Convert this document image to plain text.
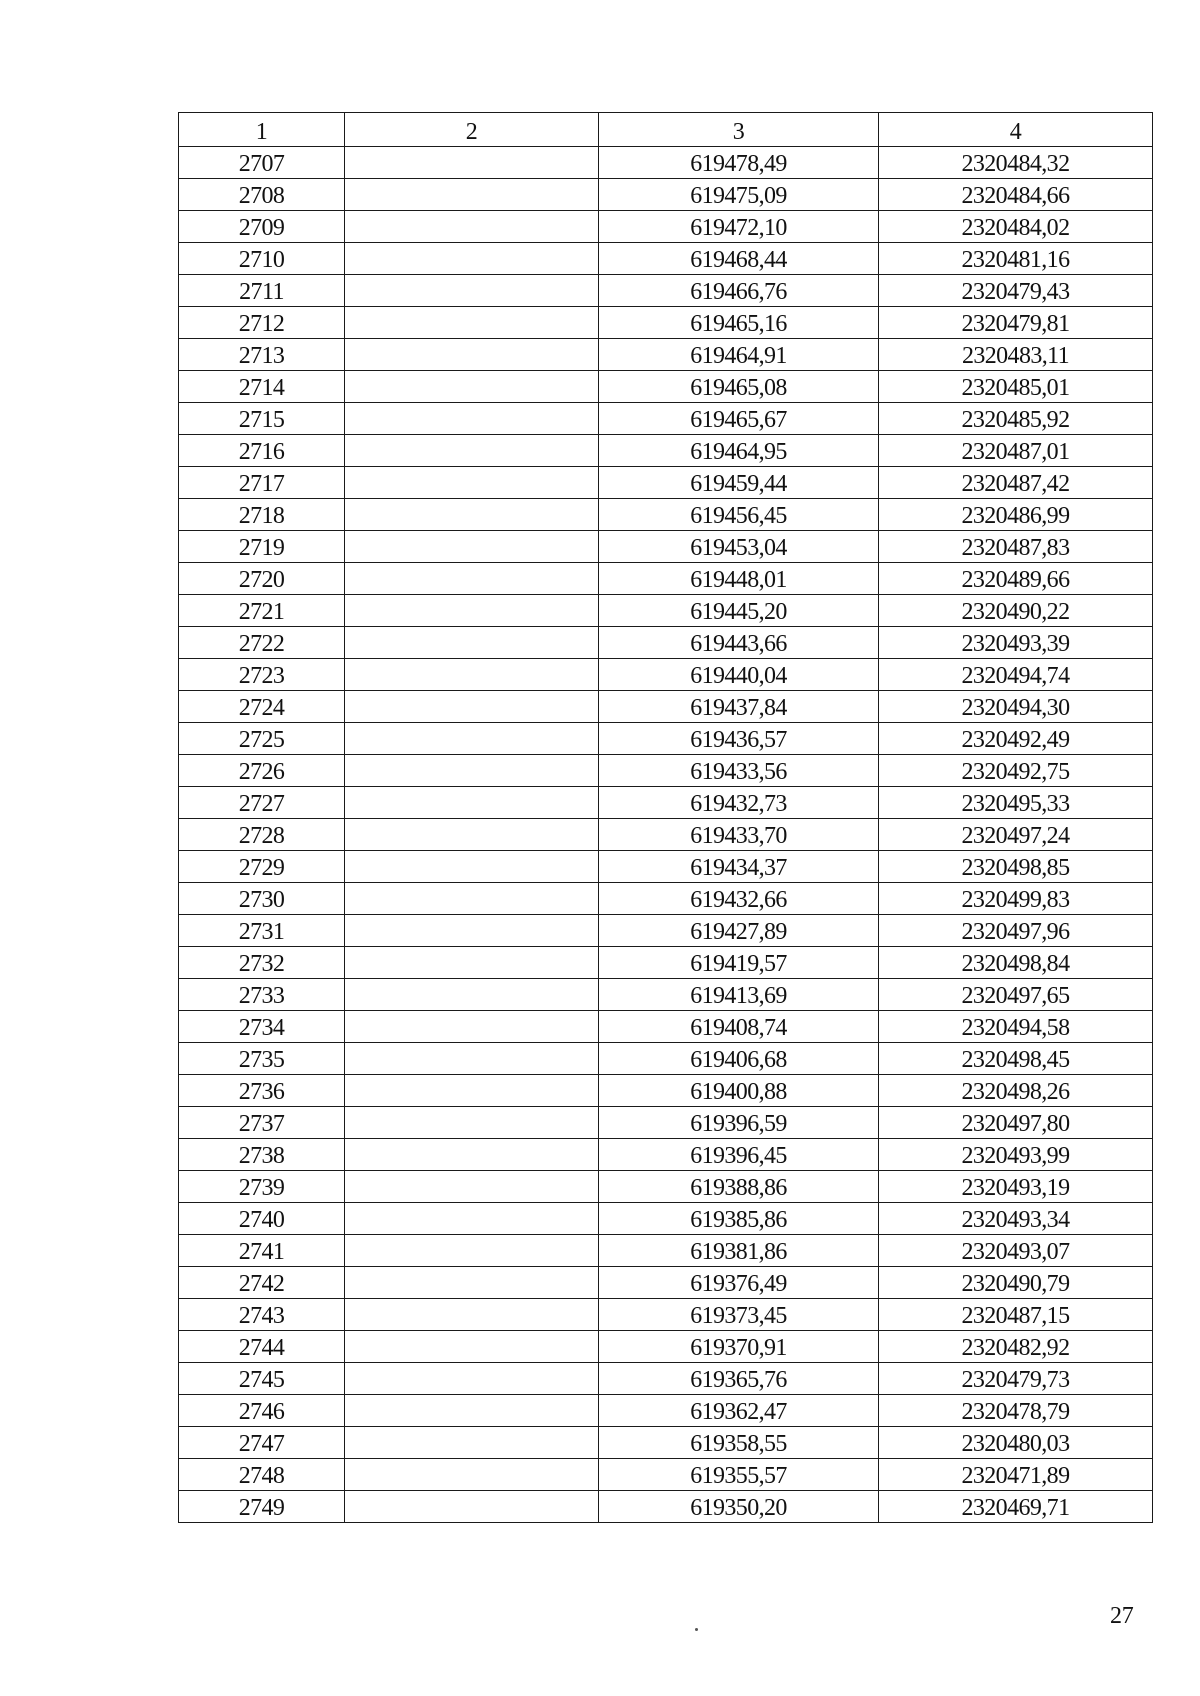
1	2	3	4
2707		619478,49	2320484,32
2708		619475,09	2320484,66
2709		619472,10	2320484,02
2710		619468,44	2320481,16
2711		619466,76	2320479,43
2712		619465,16	2320479,81
2713		619464,91	2320483,11
2714		619465,08	2320485,01
2715		619465,67	2320485,92
2716		619464,95	2320487,01
2717		619459,44	2320487,42
2718		619456,45	2320486,99
2719		619453,04	2320487,83
2720		619448,01	2320489,66
2721		619445,20	2320490,22
2722		619443,66	2320493,39
2723		619440,04	2320494,74
2724		619437,84	2320494,30
2725		619436,57	2320492,49
2726		619433,56	2320492,75
2727		619432,73	2320495,33
2728		619433,70	2320497,24
2729		619434,37	2320498,85
2730		619432,66	2320499,83
2731		619427,89	2320497,96
2732		619419,57	2320498,84
2733		619413,69	2320497,65
2734		619408,74	2320494,58
2735		619406,68	2320498,45
2736		619400,88	2320498,26
2737		619396,59	2320497,80
2738		619396,45	2320493,99
2739		619388,86	2320493,19
2740		619385,86	2320493,34
2741		619381,86	2320493,07
2742		619376,49	2320490,79
2743		619373,45	2320487,15
2744		619370,91	2320482,92
2745		619365,76	2320479,73
2746		619362,47	2320478,79
2747		619358,55	2320480,03
2748		619355,57	2320471,89
2749		619350,20	2320469,71
27
